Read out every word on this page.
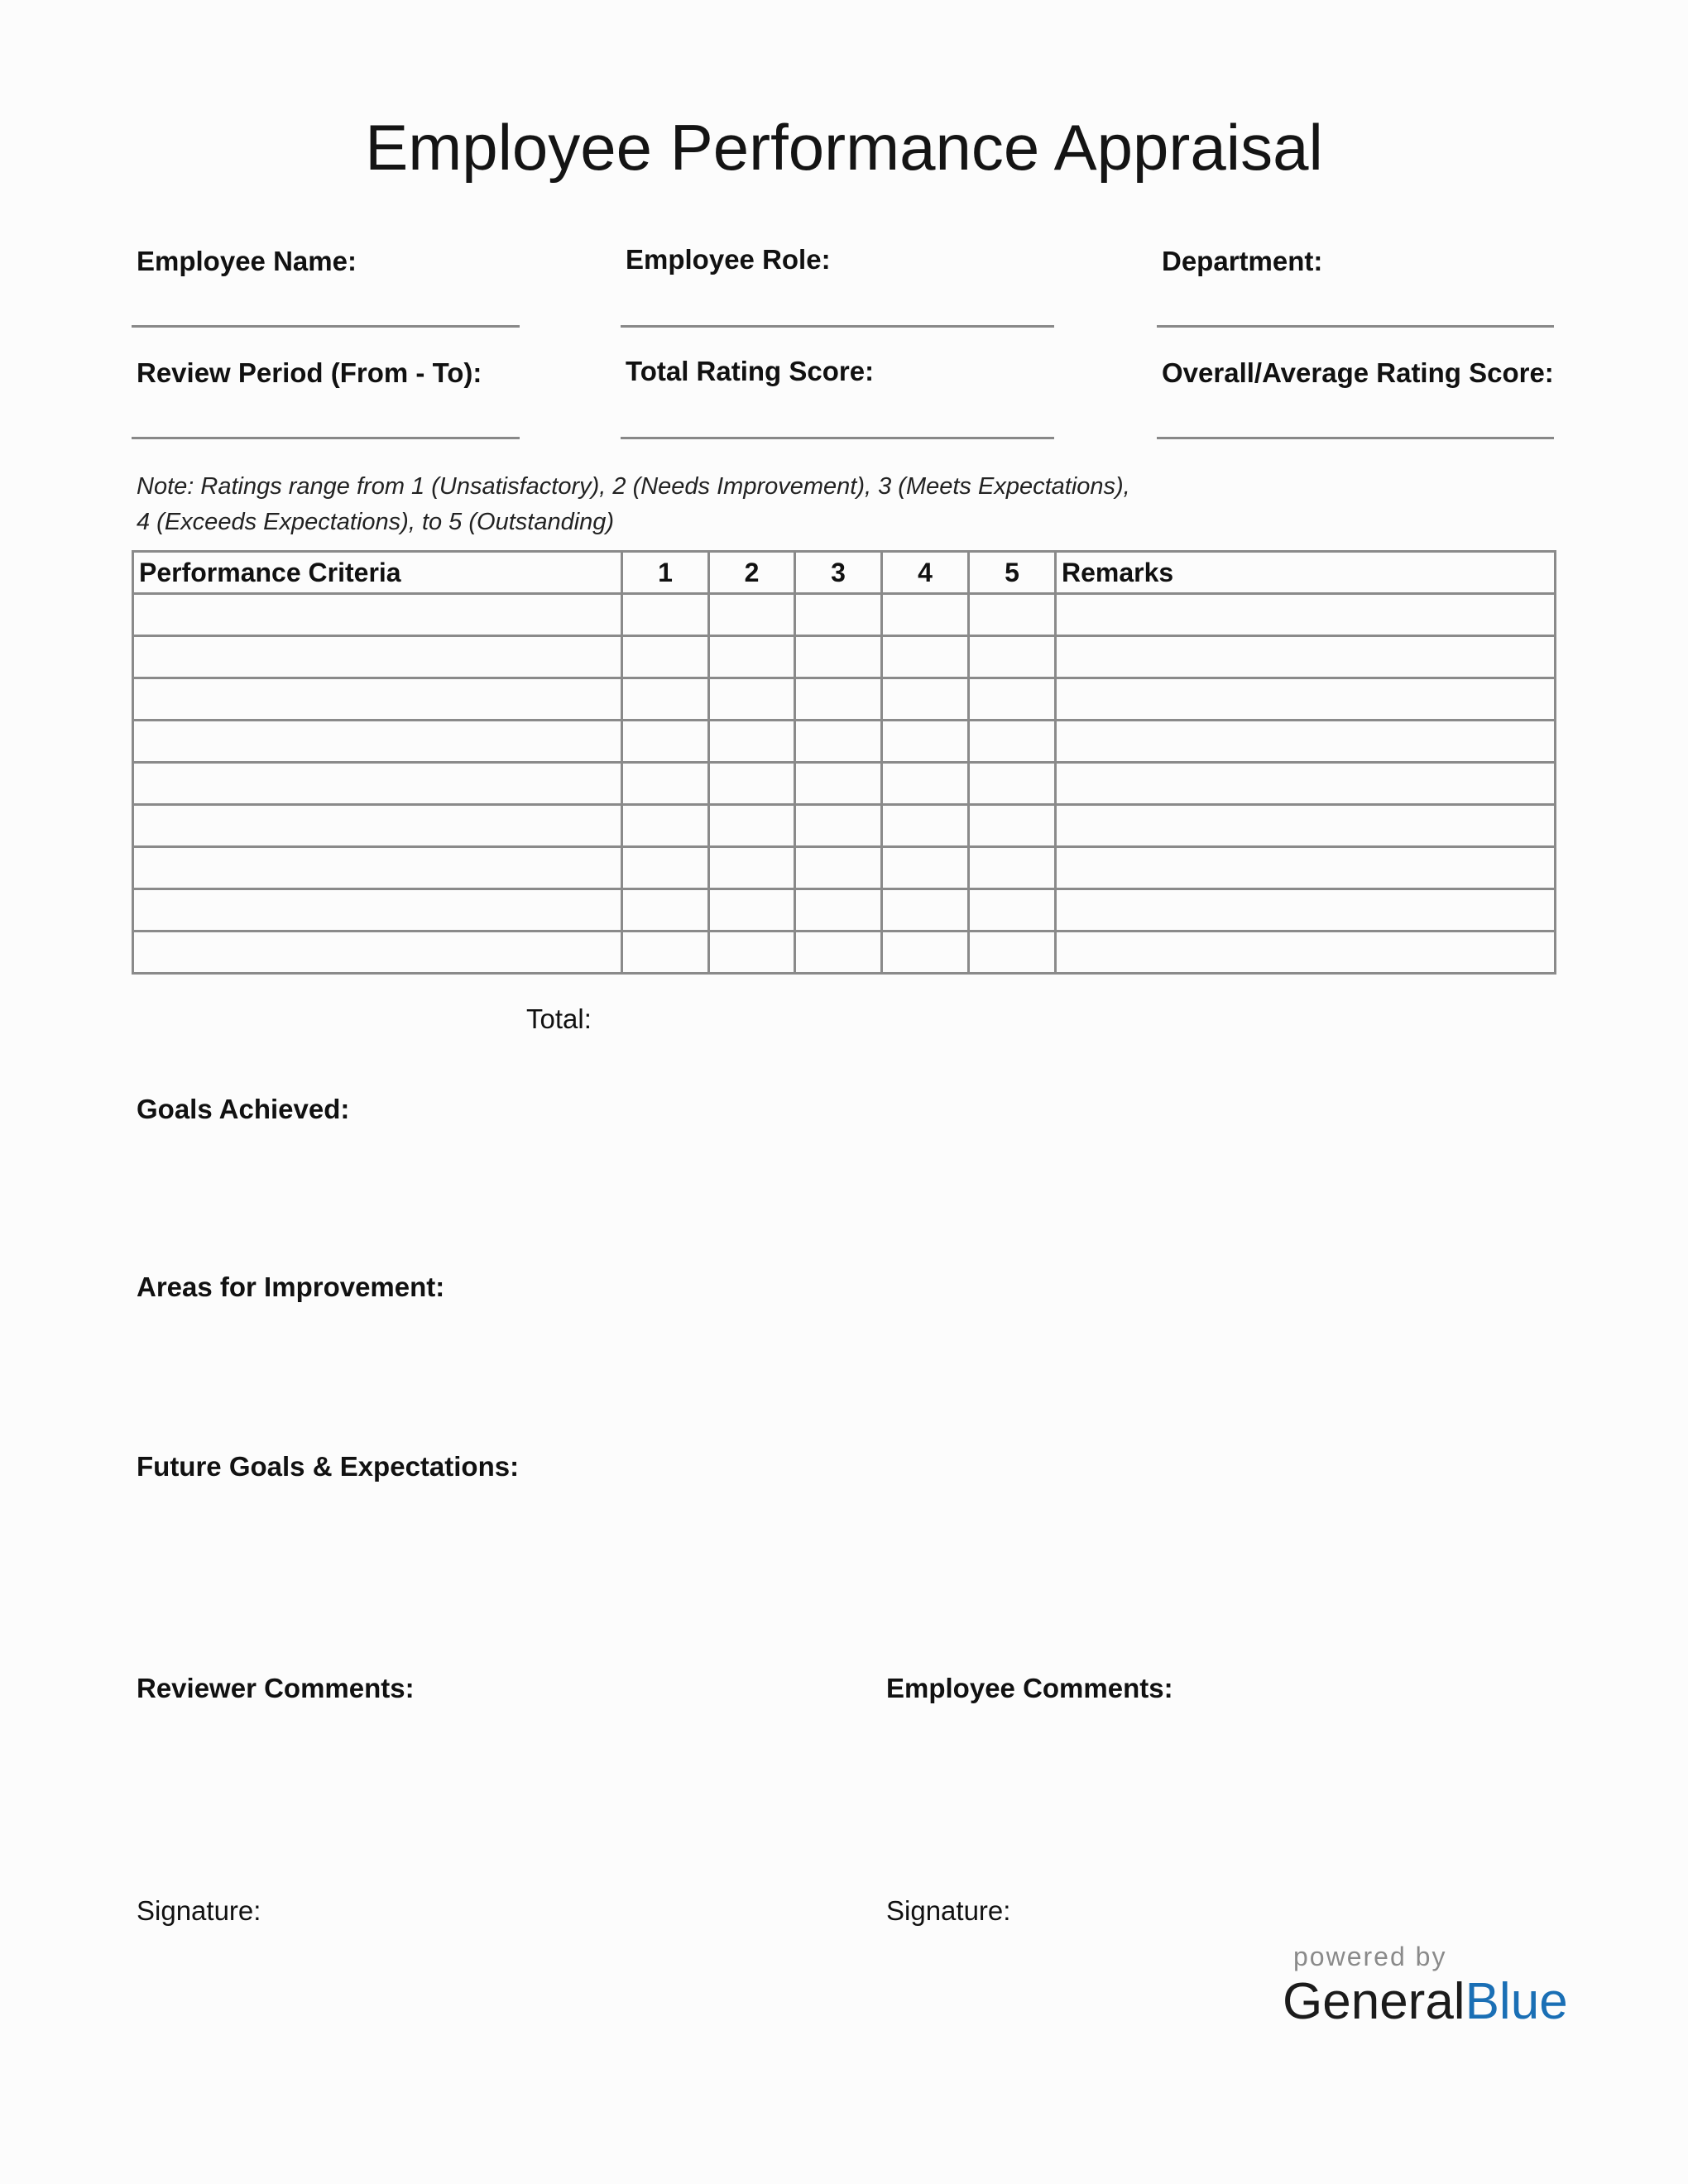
Employee Performance Appraisal
Employee Name:	Employee Role:	Department:
Review Period (From - To):	Total Rating Score:	Overall/Average Rating Score:
Note: Ratings range from 1 (Unsatisfactory), 2 (Needs Improvement), 3 (Meets Expectations),
4 (Exceeds Expectations), to 5 (Outstanding)
Performance Criteria	1	2	3	4	5	Remarks

Total:
Goals Achieved:
Areas for Improvement:
Future Goals & Expectations:
Reviewer Comments:	Employee Comments:
Signature:	Signature:
powered by
GeneralBlue
